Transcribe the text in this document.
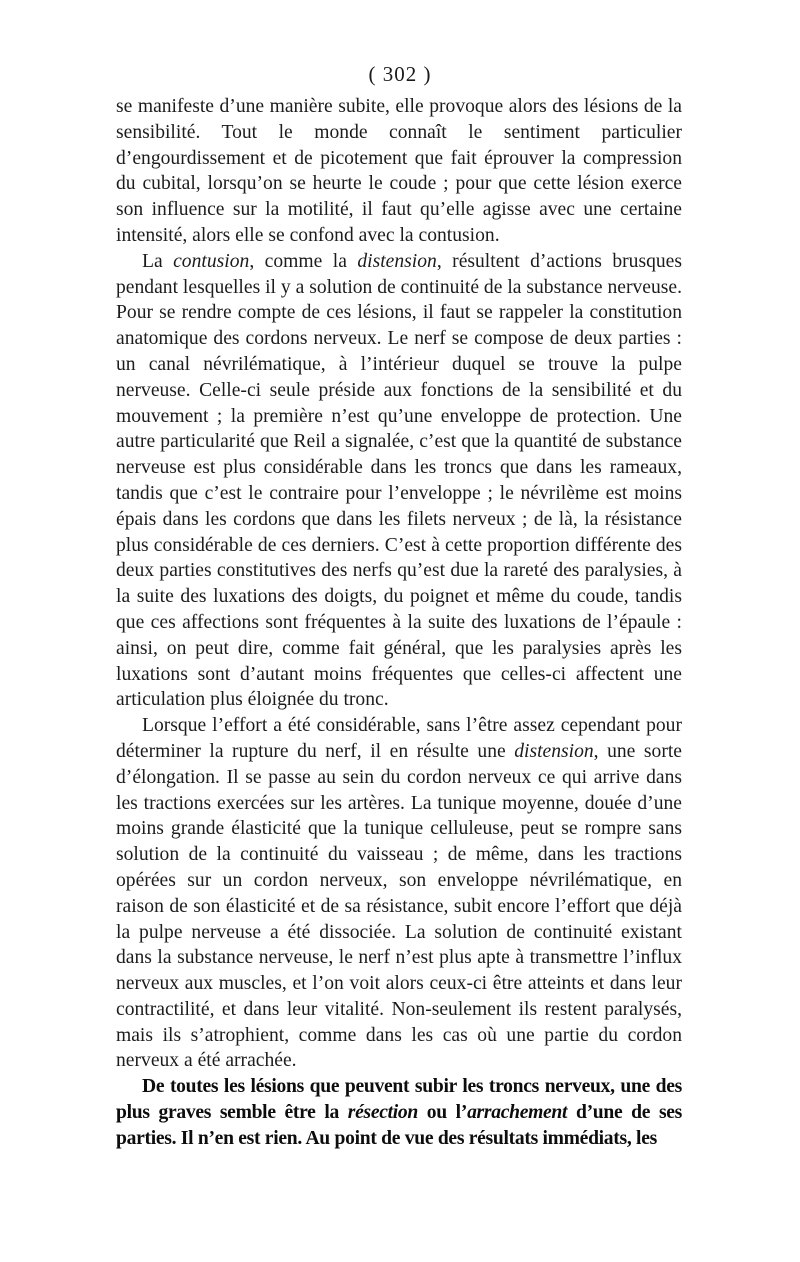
( 302 )

se manifeste d’une manière subite, elle provoque alors des lésions de la sensibilité. Tout le monde connaît le sentiment particulier d’engourdissement et de picotement que fait éprouver la compression du cubital, lorsqu’on se heurte le coude ; pour que cette lésion exerce son influence sur la motilité, il faut qu’elle agisse avec une certaine intensité, alors elle se confond avec la contusion.

La contusion, comme la distension, résultent d’actions brusques pendant lesquelles il y a solution de continuité de la substance nerveuse. Pour se rendre compte de ces lésions, il faut se rappeler la constitution anatomique des cordons nerveux. Le nerf se compose de deux parties : un canal névrilématique, à l’intérieur duquel se trouve la pulpe nerveuse. Celle-ci seule préside aux fonctions de la sensibilité et du mouvement ; la première n’est qu’une enveloppe de protection. Une autre particularité que Reil a signalée, c’est que la quantité de substance nerveuse est plus considérable dans les troncs que dans les rameaux, tandis que c’est le contraire pour l’enveloppe ; le névrilème est moins épais dans les cordons que dans les filets nerveux ; de là, la résistance plus considérable de ces derniers. C’est à cette proportion différente des deux parties constitutives des nerfs qu’est due la rareté des paralysies, à la suite des luxations des doigts, du poignet et même du coude, tandis que ces affections sont fréquentes à la suite des luxations de l’épaule : ainsi, on peut dire, comme fait général, que les paralysies après les luxations sont d’autant moins fréquentes que celles-ci affectent une articulation plus éloignée du tronc.

Lorsque l’effort a été considérable, sans l’être assez cependant pour déterminer la rupture du nerf, il en résulte une distension, une sorte d’élongation. Il se passe au sein du cordon nerveux ce qui arrive dans les tractions exercées sur les artères. La tunique moyenne, douée d’une moins grande élasticité que la tunique celluleuse, peut se rompre sans solution de la continuité du vaisseau ; de même, dans les tractions opérées sur un cordon nerveux, son enveloppe névrilématique, en raison de son élasticité et de sa résistance, subit encore l’effort que déjà la pulpe nerveuse a été dissociée. La solution de continuité existant dans la substance nerveuse, le nerf n’est plus apte à transmettre l’influx nerveux aux muscles, et l’on voit alors ceux-ci être atteints et dans leur contractilité, et dans leur vitalité. Non-seulement ils restent paralysés, mais ils s’atrophient, comme dans les cas où une partie du cordon nerveux a été arrachée.

De toutes les lésions que peuvent subir les troncs nerveux, une des plus graves semble être la résection ou l’arrachement d’une de ses parties. Il n’en est rien. Au point de vue des résultats immédiats, les
